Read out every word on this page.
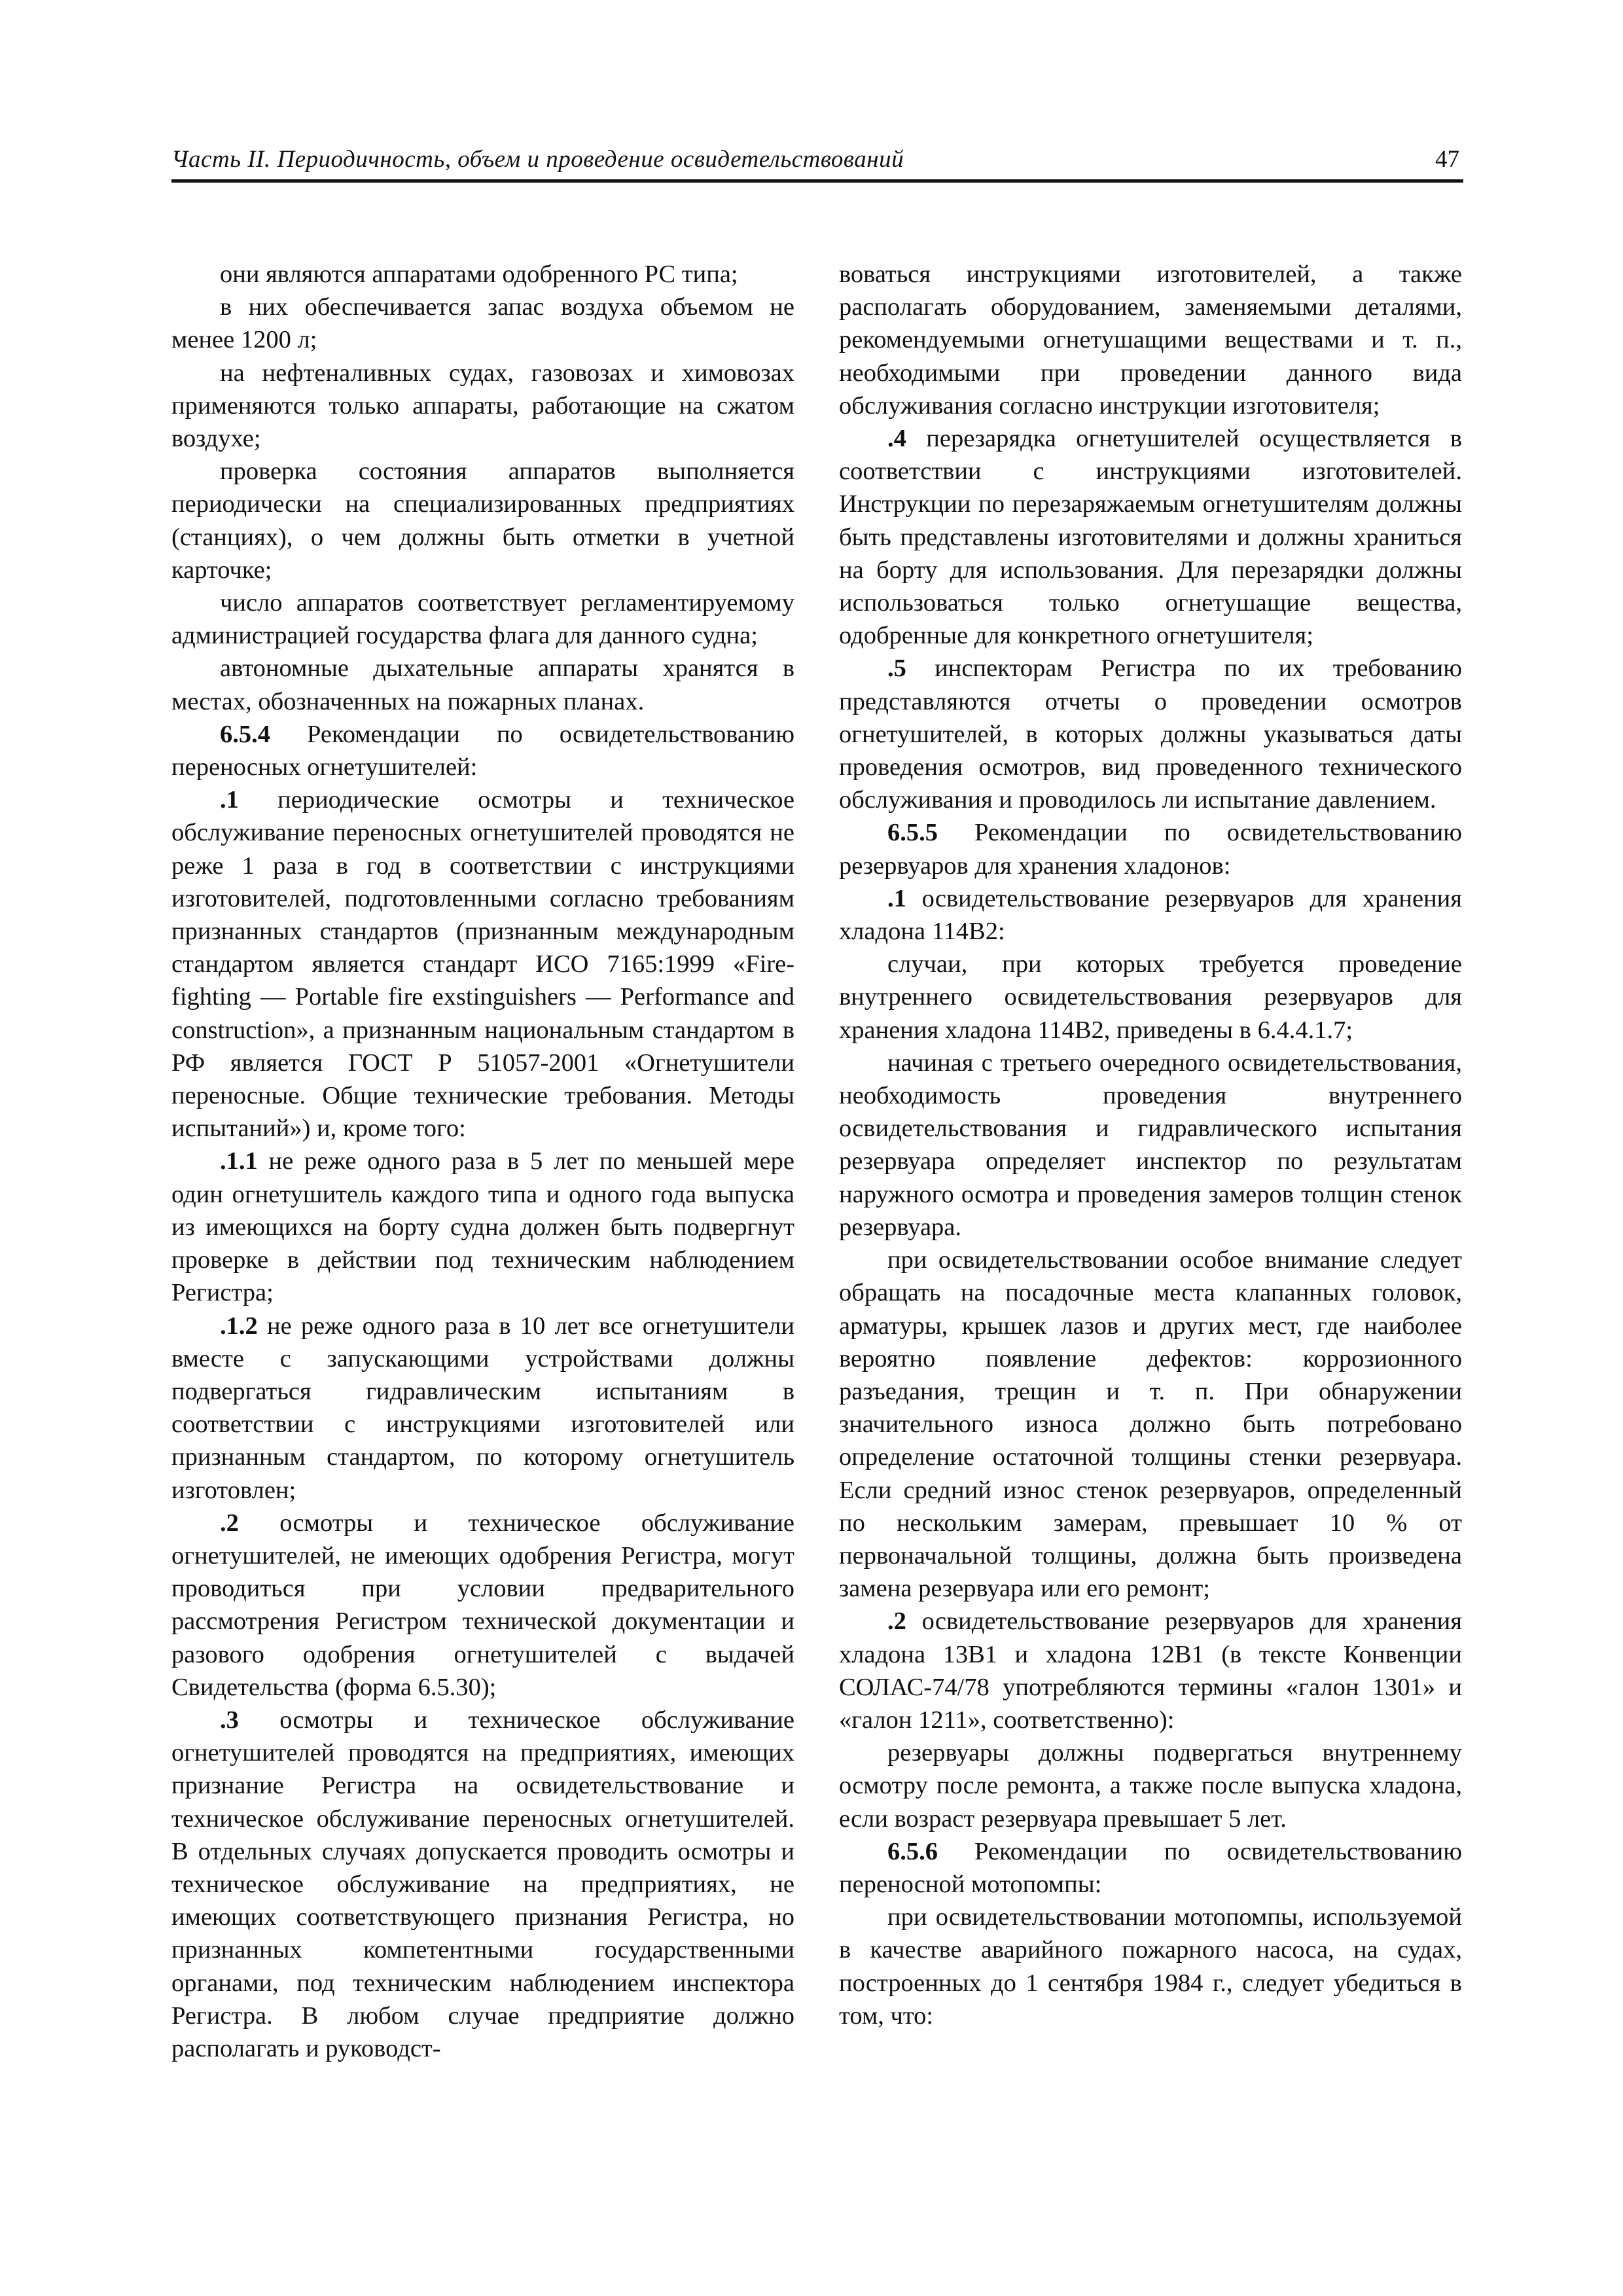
Часть II. Периодичность, объем и проведение освидетельствований	47

они являются аппаратами одобренного РС типа;

в них обеспечивается запас воздуха объемом не менее 1200 л;

на нефтеналивных судах, газовозах и химовозах применяются только аппараты, работающие на сжатом воздухе;

проверка состояния аппаратов выполняется периодически на специализированных предприятиях (станциях), о чем должны быть отметки в учетной карточке;

число аппаратов соответствует регламентируемому администрацией государства флага для данного судна;

автономные дыхательные аппараты хранятся в местах, обозначенных на пожарных планах.

6.5.4 Рекомендации по освидетельствованию переносных огнетушителей:

.1 периодические осмотры и техническое обслуживание переносных огнетушителей проводятся не реже 1 раза в год в соответствии с инструкциями изготовителей, подготовленными согласно требованиям признанных стандартов (признанным международным стандартом является стандарт ИСО 7165:1999 «Fire-fighting — Portable fire exstinguishers — Performance and construction», а признанным национальным стандартом в РФ является ГОСТ Р 51057-2001 «Огнетушители переносные. Общие технические требования. Методы испытаний») и, кроме того:

.1.1 не реже одного раза в 5 лет по меньшей мере один огнетушитель каждого типа и одного года выпуска из имеющихся на борту судна должен быть подвергнут проверке в действии под техническим наблюдением Регистра;

.1.2 не реже одного раза в 10 лет все огнетушители вместе с запускающими устройствами должны подвергаться гидравлическим испытаниям в соответствии с инструкциями изготовителей или признанным стандартом, по которому огнетушитель изготовлен;

.2 осмотры и техническое обслуживание огнетушителей, не имеющих одобрения Регистра, могут проводиться при условии предварительного рассмотрения Регистром технической документации и разового одобрения огнетушителей с выдачей Свидетельства (форма 6.5.30);

.3 осмотры и техническое обслуживание огнетушителей проводятся на предприятиях, имеющих признание Регистра на освидетельствование и техническое обслуживание переносных огнетушителей. В отдельных случаях допускается проводить осмотры и техническое обслуживание на предприятиях, не имеющих соответствующего признания Регистра, но признанных компетентными государственными органами, под техническим наблюдением инспектора Регистра. В любом случае предприятие должно располагать и руководст-

воваться инструкциями изготовителей, а также располагать оборудованием, заменяемыми деталями, рекомендуемыми огнетушащими веществами и т. п., необходимыми при проведении данного вида обслуживания согласно инструкции изготовителя;

.4 перезарядка огнетушителей осуществляется в соответствии с инструкциями изготовителей. Инструкции по перезаряжаемым огнетушителям должны быть представлены изготовителями и должны храниться на борту для использования. Для перезарядки должны использоваться только огнетушащие вещества, одобренные для конкретного огнетушителя;

.5 инспекторам Регистра по их требованию представляются отчеты о проведении осмотров огнетушителей, в которых должны указываться даты проведения осмотров, вид проведенного технического обслуживания и проводилось ли испытание давлением.

6.5.5 Рекомендации по освидетельствованию резервуаров для хранения хладонов:

.1 освидетельствование резервуаров для хранения хладона 114В2:

случаи, при которых требуется проведение внутреннего освидетельствования резервуаров для хранения хладона 114В2, приведены в 6.4.4.1.7;

начиная с третьего очередного освидетельствования, необходимость проведения внутреннего освидетельствования и гидравлического испытания резервуара определяет инспектор по результатам наружного осмотра и проведения замеров толщин стенок резервуара.

при освидетельствовании особое внимание следует обращать на посадочные места клапанных головок, арматуры, крышек лазов и других мест, где наиболее вероятно появление дефектов: коррозионного разъедания, трещин и т. п. При обнаружении значительного износа должно быть потребовано определение остаточной толщины стенки резервуара. Если средний износ стенок резервуаров, определенный по нескольким замерам, превышает 10 % от первоначальной толщины, должна быть произведена замена резервуара или его ремонт;

.2 освидетельствование резервуаров для хранения хладона 13В1 и хладона 12В1 (в тексте Конвенции СОЛАС-74/78 употребляются термины «галон 1301» и «галон 1211», соответственно):

резервуары должны подвергаться внутреннему осмотру после ремонта, а также после выпуска хладона, если возраст резервуара превышает 5 лет.

6.5.6 Рекомендации по освидетельствованию переносной мотопомпы:

при освидетельствовании мотопомпы, используемой в качестве аварийного пожарного насоса, на судах, построенных до 1 сентября 1984 г., следует убедиться в том, что:
